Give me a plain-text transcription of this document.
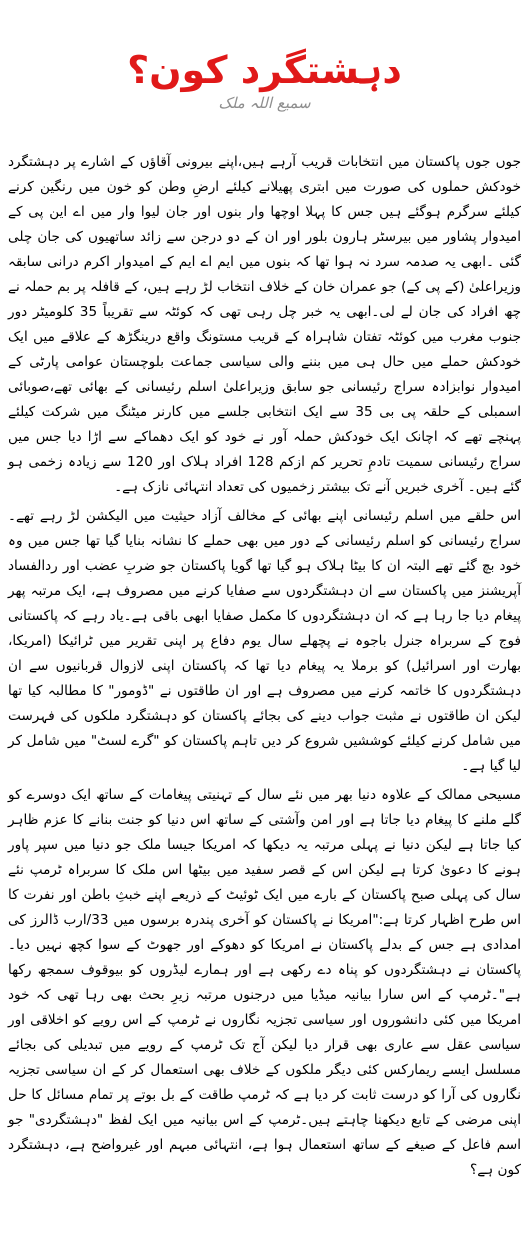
دہشتگرد کون؟
سمیع اللہ ملک

جوں جوں پاکستان میں انتخابات قریب آرہے ہیں،اپنے بیرونی آقاؤں کے اشارے پر دہشتگرد خودکش حملوں کی صورت میں ابتری پھیلانے کیلئے ارضِ وطن کو خون میں رنگین کرنے کیلئے سرگرم ہوگئے ہیں جس کا پہلا اوچھا وار بنوں اور جان لیوا وار میں اے این پی کے امیدوار پشاور میں بیرسٹر ہارون بلور اور ان کے دو درجن سے زائد ساتھیوں کی جان چلی گئی ۔ابھی یہ صدمہ سرد نہ ہوا تھا کہ بنوں میں ایم اے ایم کے امیدوار اکرم درانی سابقہ وزیراعلیٰ (کے پی کے) جو عمران خان کے خلاف انتخاب لڑ رہے ہیں، کے قافلہ پر بم حملہ نے چھ افراد کی جان لے لی۔ابھی یہ خبر چل رہی تھی کہ کوئٹہ سے تقریباً 35 کلومیٹر دور جنوب مغرب میں کوئٹہ تفتان شاہراہ کے قریب مستونگ واقع درینگڑھ کے علاقے میں ایک خودکش حملے میں حال ہی میں بننے والی سیاسی جماعت بلوچستان عوامی پارٹی کے امیدوار نوابزادہ سراج رئیسانی جو سابق وزیراعلیٰ اسلم رئیسانی کے بھائی تھے،صوبائی اسمبلی کے حلقہ پی بی 35 سے ایک انتخابی جلسے میں کارنر میٹنگ میں شرکت کیلئے پہنچے تھے کہ اچانک ایک خودکش حملہ آور نے خود کو ایک دھماکے سے اڑا دیا جس میں سراج رئیسانی سمیت تادمِ تحریر کم ازکم 128 افراد ہلاک اور 120 سے زیادہ زخمی ہو گئے ہیں۔ آخری خبریں آنے تک بیشتر زخمیوں کی تعداد انتہائی نازک ہے۔

اس حلقے میں اسلم رئیسانی اپنے بھائی کے مخالف آزاد حیثیت میں الیکشن لڑ رہے تھے۔سراج رئیسانی کو اسلم رئیسانی کے دور میں بھی حملے کا نشانہ بنایا گیا تھا جس میں وہ خود بچ گئے تھے البتہ ان کا بیٹا ہلاک ہو گیا تھا گویا پاکستان جو ضربِ عضب اور ردالفساد آپریشنز میں پاکستان سے ان دہشتگردوں سے صفایا کرنے میں مصروف ہے، ایک مرتبہ پھر پیغام دیا جا رہا ہے کہ ان دہشتگردوں کا مکمل صفایا ابھی باقی ہے۔یاد رہے کہ پاکستانی فوج کے سربراہ جنرل باجوہ نے پچھلے سال یوم دفاع پر اپنی تقریر میں ٹرائیکا (امریکا، بھارت اور اسرائیل) کو برملا یہ پیغام دیا تھا کہ پاکستان اپنی لازوال قربانیوں سے ان دہشتگردوں کا خاتمہ کرنے میں مصروف ہے اور ان طاقتوں نے "ڈومور" کا مطالبہ کیا تھا لیکن ان طاقتوں نے مثبت جواب دینے کی بجائے پاکستان کو دہشتگرد ملکوں کی فہرست میں شامل کرنے کیلئے کوششیں شروع کر دیں تاہم پاکستان کو "گرے لسٹ" میں شامل کر لیا گیا ہے۔

مسیحی ممالک کے علاوہ دنیا بھر میں نئے سال کے تہنیتی پیغامات کے ساتھ ایک دوسرے کو گلے ملنے کا پیغام دیا جاتا ہے اور امن وآشتی کے ساتھ اس دنیا کو جنت بنانے کا عزم ظاہر کیا جاتا ہے لیکن دنیا نے پہلی مرتبہ یہ دیکھا کہ امریکا جیسا ملک جو دنیا میں سپر پاور ہونے کا دعویٰ کرتا ہے لیکن اس کے قصر سفید میں بیٹھا اس ملک کا سربراہ ٹرمپ نئے سال کی پہلی صبح پاکستان کے بارے میں ایک ٹوئیٹ کے ذریعے اپنے خبثِ باطن اور نفرت کا اس طرح اظہار کرتا ہے:"امریکا نے پاکستان کو آخری پندرہ برسوں میں 33/ارب ڈالرز کی امدادی ہے جس کے بدلے پاکستان نے امریکا کو دھوکے اور جھوٹ کے سوا کچھ نہیں دیا۔پاکستان نے دہشتگردوں کو پناہ دے رکھی ہے اور ہمارے لیڈروں کو بیوقوف سمجھ رکھا ہے"۔ٹرمپ کے اس سارا بیانیہ میڈیا میں درجنوں مرتبہ زیرِ بحث بھی رہا تھی کہ خود امریکا میں کئی دانشوروں اور سیاسی تجزیہ نگاروں نے ٹرمپ کے اس رویے کو اخلاقی اور سیاسی عقل سے عاری بھی قرار دیا لیکن آج تک ٹرمپ کے رویے میں تبدیلی کی بجائے مسلسل ایسے ریمارکس کئی دیگر ملکوں کے خلاف بھی استعمال کر کے ان سیاسی تجزیہ نگاروں کی آرا کو درست ثابت کر دیا ہے کہ ٹرمپ طاقت کے بل بوتے پر تمام مسائل کا حل اپنی مرضی کے تابع دیکھنا چاہتے ہیں۔ٹرمپ کے اس بیانیہ میں ایک لفظ "دہشتگردی" جو اسم فاعل کے صیغے کے ساتھ استعمال ہوا ہے، انتہائی مبہم اور غیرواضح ہے، دہشتگرد کون ہے؟
